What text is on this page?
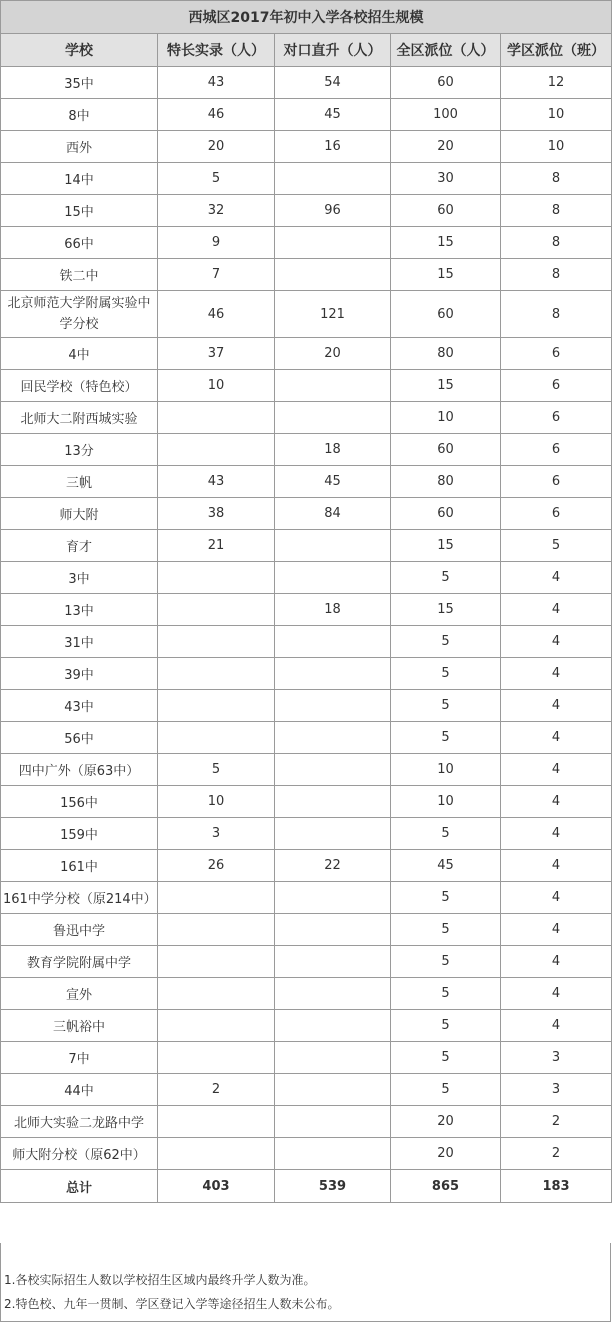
西城区2017年初中入学各校招生规模				
学校	特长实录（人）	对口直升（人）	全区派位（人）	学区派位（班）
35中	43	54	60	12
8中	46	45	100	10
西外	20	16	20	10
14中	5		30	8
15中	32	96	60	8
66中	9		15	8
铁二中	7		15	8
北京师范大学附属实验中学分校	46	121	60	8
4中	37	20	80	6
回民学校（特色校）	10		15	6
北师大二附西城实验			10	6
13分		18	60	6
三帆	43	45	80	6
师大附	38	84	60	6
育才	21		15	5
3中			5	4
13中		18	15	4
31中			5	4
39中			5	4
43中			5	4
56中			5	4
四中广外（原63中）	5		10	4
156中	10		10	4
159中	3		5	4
161中	26	22	45	4
161中学分校（原214中）			5	4
鲁迅中学			5	4
教育学院附属中学			5	4
宣外			5	4
三帆裕中			5	4
7中			5	3
44中	2		5	3
北师大实验二龙路中学			20	2
师大附分校（原62中）			20	2
总计	403	539	865	183
1.各校实际招生人数以学校招生区域内最终升学人数为准。
2.特色校、九年一贯制、学区登记入学等途径招生人数未公布。
